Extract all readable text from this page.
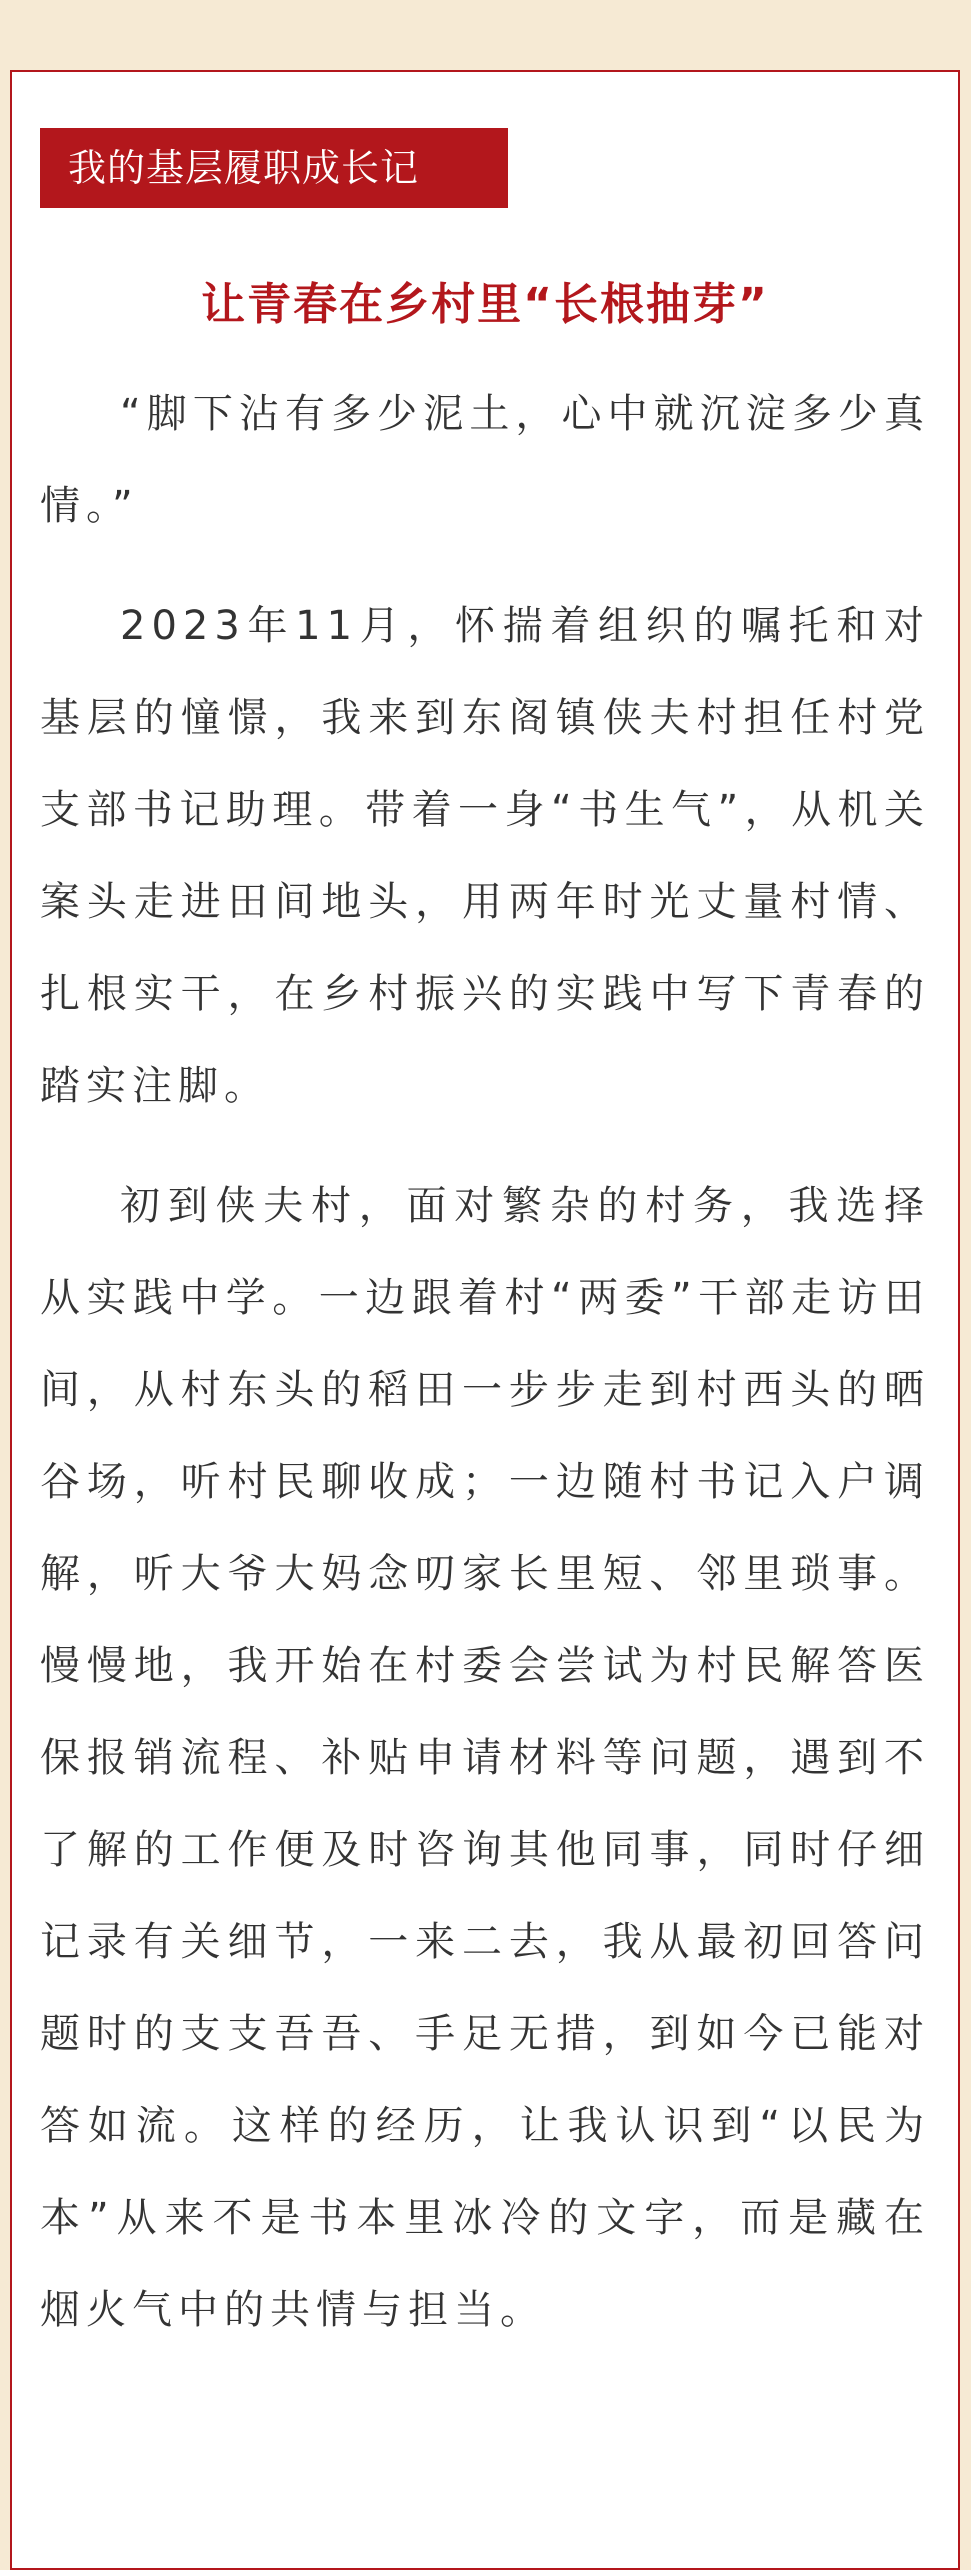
我的基层履职成长记
让青春在乡村里“长根抽芽”

“脚下沾有多少泥土，心中就沉淀多少真情。”

2023年11月，怀揣着组织的嘱托和对基层的憧憬，我来到东阁镇侠夫村担任村党支部书记助理。带着一身“书生气”，从机关案头走进田间地头，用两年时光丈量村情、扎根实干，在乡村振兴的实践中写下青春的踏实注脚。

初到侠夫村，面对繁杂的村务，我选择从实践中学。一边跟着村“两委”干部走访田间，从村东头的稻田一步步走到村西头的晒谷场，听村民聊收成；一边随村书记入户调解，听大爷大妈念叨家长里短、邻里琐事。慢慢地，我开始在村委会尝试为村民解答医保报销流程、补贴申请材料等问题，遇到不了解的工作便及时咨询其他同事，同时仔细记录有关细节，一来二去，我从最初回答问题时的支支吾吾、手足无措，到如今已能对答如流。这样的经历，让我认识到“以民为本”从来不是书本里冰冷的文字，而是藏在烟火气中的共情与担当。
